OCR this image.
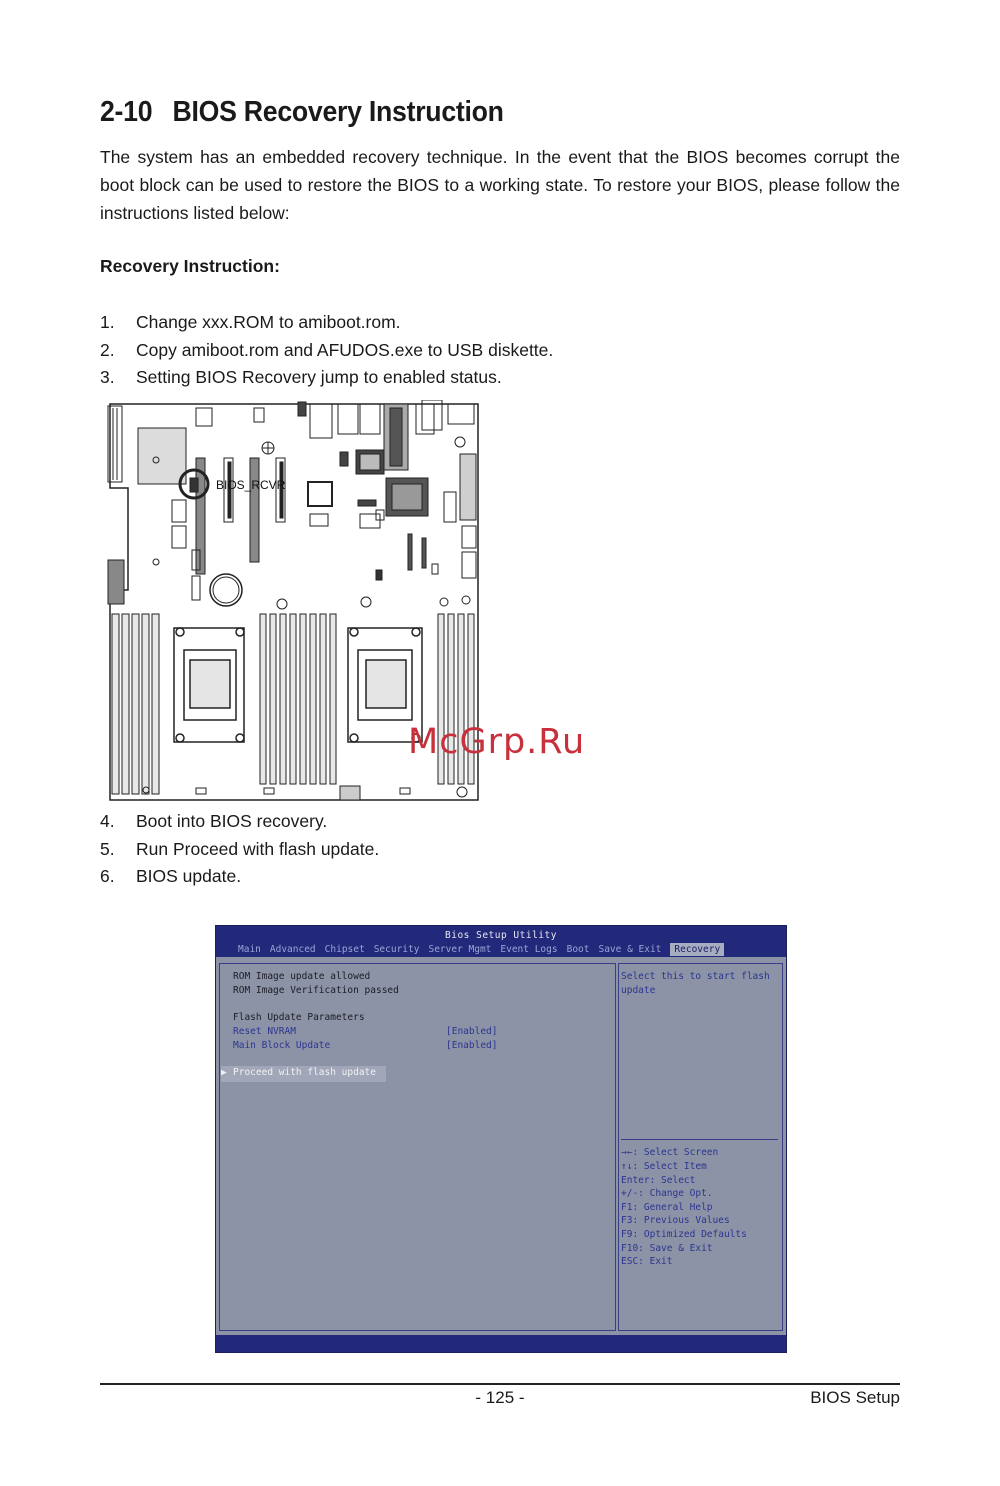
2-10 BIOS Recovery Instruction
The system has an embedded recovery technique. In the event that the BIOS becomes corrupt the boot block can be used to restore the BIOS to a working state. To restore your BIOS, please follow the instructions listed below:
Recovery Instruction:
1.	Change xxx.ROM to amiboot.rom.
2.	Copy amiboot.rom and AFUDOS.exe to USB diskette.
3.	Setting BIOS Recovery jump to enabled status.
BIOS_RCVR
McGrp.Ru
4.	Boot into BIOS recovery.
5.	Run Proceed with flash update.
6.	BIOS update.
Bios Setup Utility
Main Advanced Chipset Security Server Mgmt Event Logs Boot Save & Exit	Recovery
ROM Image update allowed
ROM Image Verification passed
Flash Update Parameters
Reset NVRAM	[Enabled]
Main Block Update	[Enabled]
▶ Proceed with flash update
Select this to start flash
update
→←: Select Screen
↑↓: Select Item
Enter: Select
+/-: Change Opt.
F1: General Help
F3: Previous Values
F9: Optimized Defaults
F10: Save & Exit
ESC: Exit
- 125 -	BIOS Setup
